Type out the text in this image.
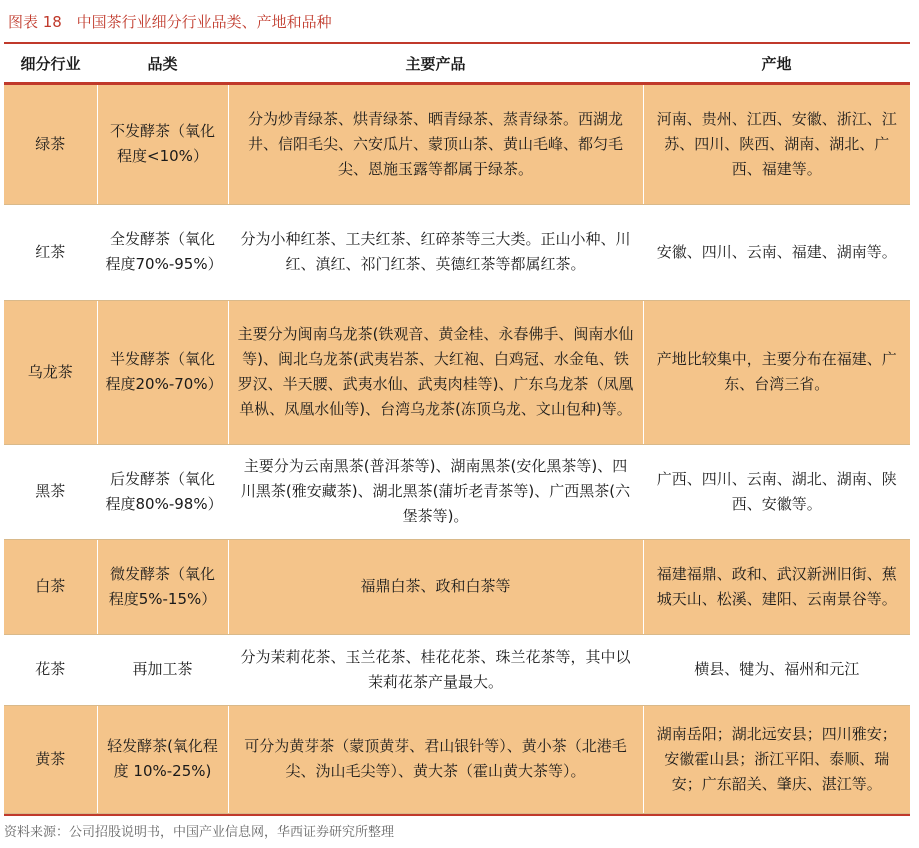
图表 18 中国茶行业细分行业品类、产地和品种
细分行业	品类	主要产品	产地
绿茶	不发酵茶（氧化程度<10%）	分为炒青绿茶、烘青绿茶、晒青绿茶、蒸青绿茶。西湖龙井、信阳毛尖、六安瓜片、蒙顶山茶、黄山毛峰、都匀毛尖、恩施玉露等都属于绿茶。	河南、贵州、江西、安徽、浙江、江苏、四川、陕西、湖南、湖北、广西、福建等。
红茶	全发酵茶（氧化程度70%-95%）	分为小种红茶、工夫红茶、红碎茶等三大类。正山小种、川红、滇红、祁门红茶、英德红茶等都属红茶。	安徽、四川、云南、福建、湖南等。
乌龙茶	半发酵茶（氧化程度20%-70%）	主要分为闽南乌龙茶(铁观音、黄金桂、永春佛手、闽南水仙等)、闽北乌龙茶(武夷岩茶、大红袍、白鸡冠、水金龟、铁罗汉、半天腰、武夷水仙、武夷肉桂等)、广东乌龙茶（凤凰单枞、凤凰水仙等)、台湾乌龙茶(冻顶乌龙、文山包种)等。	产地比较集中，主要分布在福建、广东、台湾三省。
黑茶	后发酵茶（氧化程度80%-98%）	主要分为云南黑茶(普洱茶等)、湖南黑茶(安化黑茶等)、四川黑茶(雅安藏茶)、湖北黑茶(蒲圻老青茶等)、广西黑茶(六堡茶等)。	广西、四川、云南、湖北、湖南、陕西、安徽等。
白茶	微发酵茶（氧化程度5%-15%）	福鼎白茶、政和白茶等	福建福鼎、政和、武汉新洲旧街、蕉城天山、松溪、建阳、云南景谷等。
花茶	再加工茶	分为茉莉花茶、玉兰花茶、桂花花茶、珠兰花茶等，其中以茉莉花茶产量最大。	横县、犍为、福州和元江
黄茶	轻发酵茶(氧化程度 10%-25%)	可分为黄芽茶（蒙顶黄芽、君山银针等）、黄小茶（北港毛尖、沩山毛尖等）、黄大茶（霍山黄大茶等）。	湖南岳阳；湖北远安县；四川雅安；安徽霍山县；浙江平阳、泰顺、瑞安；广东韶关、肇庆、湛江等。
资料来源：公司招股说明书，中国产业信息网，华西证券研究所整理
